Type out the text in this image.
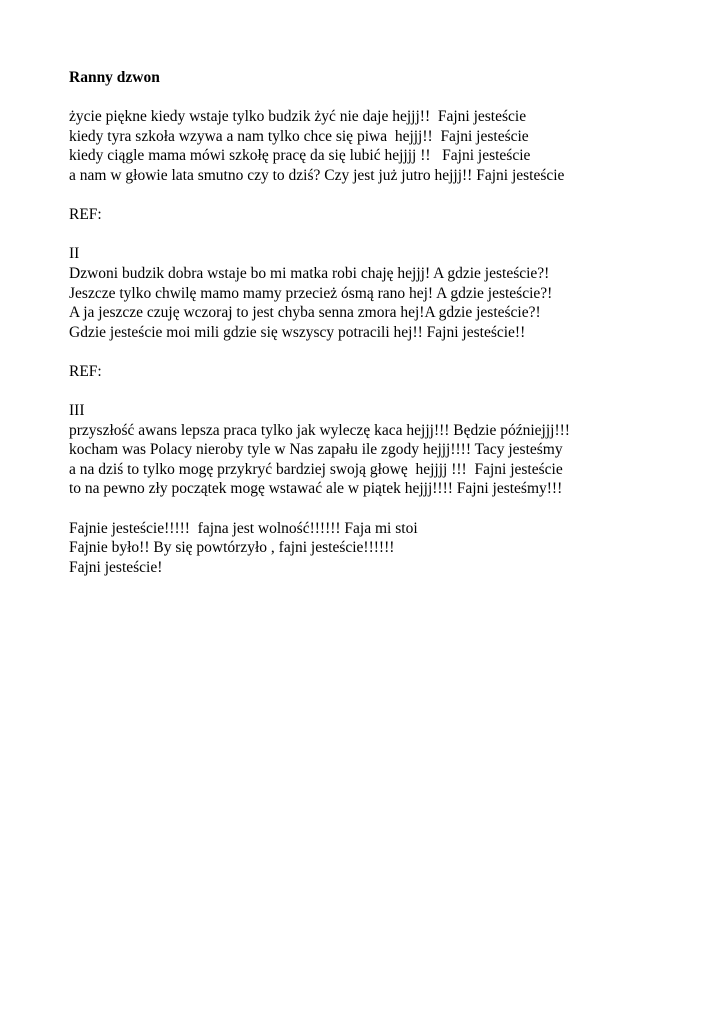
Ranny dzwon
życie piękne kiedy wstaje tylko budzik żyć nie daje hejjj!!  Fajni jesteście
kiedy tyra szkoła wzywa a nam tylko chce się piwa  hejjj!!  Fajni jesteście
kiedy ciągle mama mówi szkołę pracę da się lubić hejjjj !!   Fajni jesteście
a nam w głowie lata smutno czy to dziś? Czy jest już jutro hejjj!! Fajni jesteście
REF:
II
Dzwoni budzik dobra wstaje bo mi matka robi chaję hejjj! A gdzie jesteście?!
Jeszcze tylko chwilę mamo mamy przecież ósmą rano hej! A gdzie jesteście?!
A ja jeszcze czuję wczoraj to jest chyba senna zmora hej!A gdzie jesteście?!
Gdzie jesteście moi mili gdzie się wszyscy potracili hej!! Fajni jesteście!!
REF:
III
przyszłość awans lepsza praca tylko jak wyleczę kaca hejjj!!! Będzie późniejjj!!!
kocham was Polacy nieroby tyle w Nas zapału ile zgody hejjj!!!! Tacy jesteśmy
a na dziś to tylko mogę przykryć bardziej swoją głowę  hejjjj !!!  Fajni jesteście
to na pewno zły początek mogę wstawać ale w piątek hejjj!!!! Fajni jesteśmy!!!
Fajnie jesteście!!!!!  fajna jest wolność!!!!!! Faja mi stoi
Fajnie było!! By się powtórzyło , fajni jesteście!!!!!!
Fajni jesteście!
